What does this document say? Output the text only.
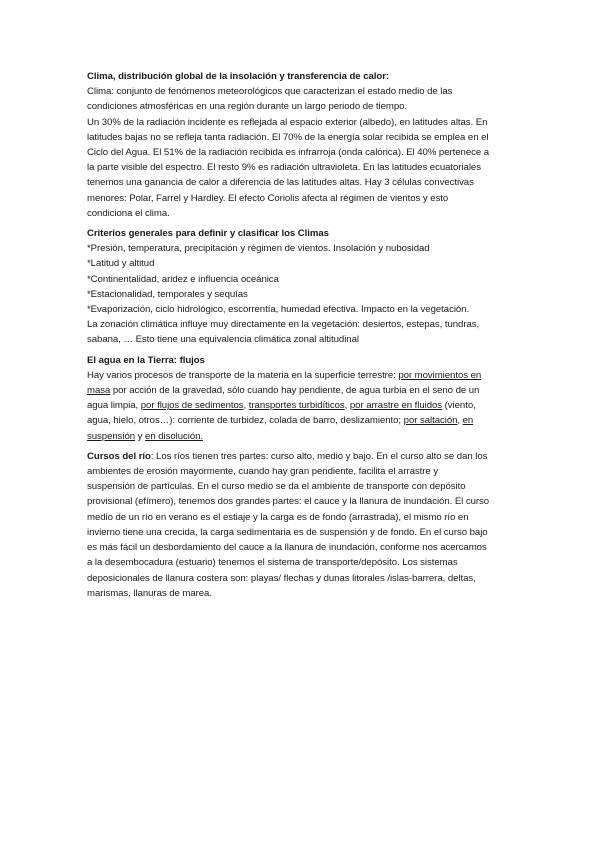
Clima, distribución global de la insolación y transferencia de calor:
Clima: conjunto de fenómenos meteorológicos que caracterizan el estado medio de las
condiciones atmosféricas en una región durante un largo periodo de tiempo.
Un 30% de la radiación incidente es reflejada al espacio exterior (albedo), en latitudes altas. En
latitudes bajas no se refleja tanta radiación. El 70% de la energía solar recibida se emplea en el
Ciclo del Agua. El 51% de la radiación recibida es infrarroja (onda calórica). El 40% pertenece a
la parte visible del espectro. El resto 9% es radiación ultravioleta. En las latitudes ecuatoriales
tenemos una ganancia de calor a diferencia de las latitudes altas. Hay 3 células convectivas
menores: Polar, Farrel y Hardley. El efecto Coriolis afecta al régimen de vientos y esto
condiciona el clima.
Criterios generales para definir y clasificar los Climas
*Presión, temperatura, precipitación y régimen de vientos. Insolación y nubosidad
*Latitud y altitud
*Continentalidad, aridez e influencia oceánica
*Estacionalidad, temporales y sequías
*Evaporización, ciclo hidrológico, escorrentía, humedad efectiva. Impacto en la vegetación.
La zonación climática influye muy directamente en la vegetación: desiertos, estepas, tundras,
sabana, … Esto tiene una equivalencia climática zonal altitudinal
El agua en la Tierra: flujos
Hay varios procesos de transporte de la materia en la superficie terrestre: por movimientos en
masa por acción de la gravedad, sólo cuando hay pendiente, de agua turbia en el seno de un
agua limpia, por flujos de sedimentos, transportes turbidíticos, por arrastre en fluidos (viento,
agua, hielo, otros…): corriente de turbidez, colada de barro, deslizamiento; por saltación, en
suspensión y en disolución.
Cursos del río: Los ríos tienen tres partes: curso alto, medio y bajo. En el curso alto se dan los
ambientes de erosión mayormente, cuando hay gran pendiente, facilita el arrastre y
suspensión de partículas. En el curso medio se da el ambiente de transporte con depósito
provisional (efímero), tenemos dos grandes partes: el cauce y la llanura de inundación. El curso
medio de un río en verano es el estiaje y la carga es de fondo (arrastrada), el mismo río en
invierno tiene una crecida, la carga sedimentaria es de suspensión y de fondo. En el curso bajo
es más fácil un desbordamiento del cauce a la llanura de inundación, conforme nos acercamos
a la desembocadura (estuario) tenemos el sistema de transporte/depósito. Los sistemas
deposicionales de llanura costera son: playas/ flechas y dunas litorales /islas-barrera, deltas,
marismas, llanuras de marea.
